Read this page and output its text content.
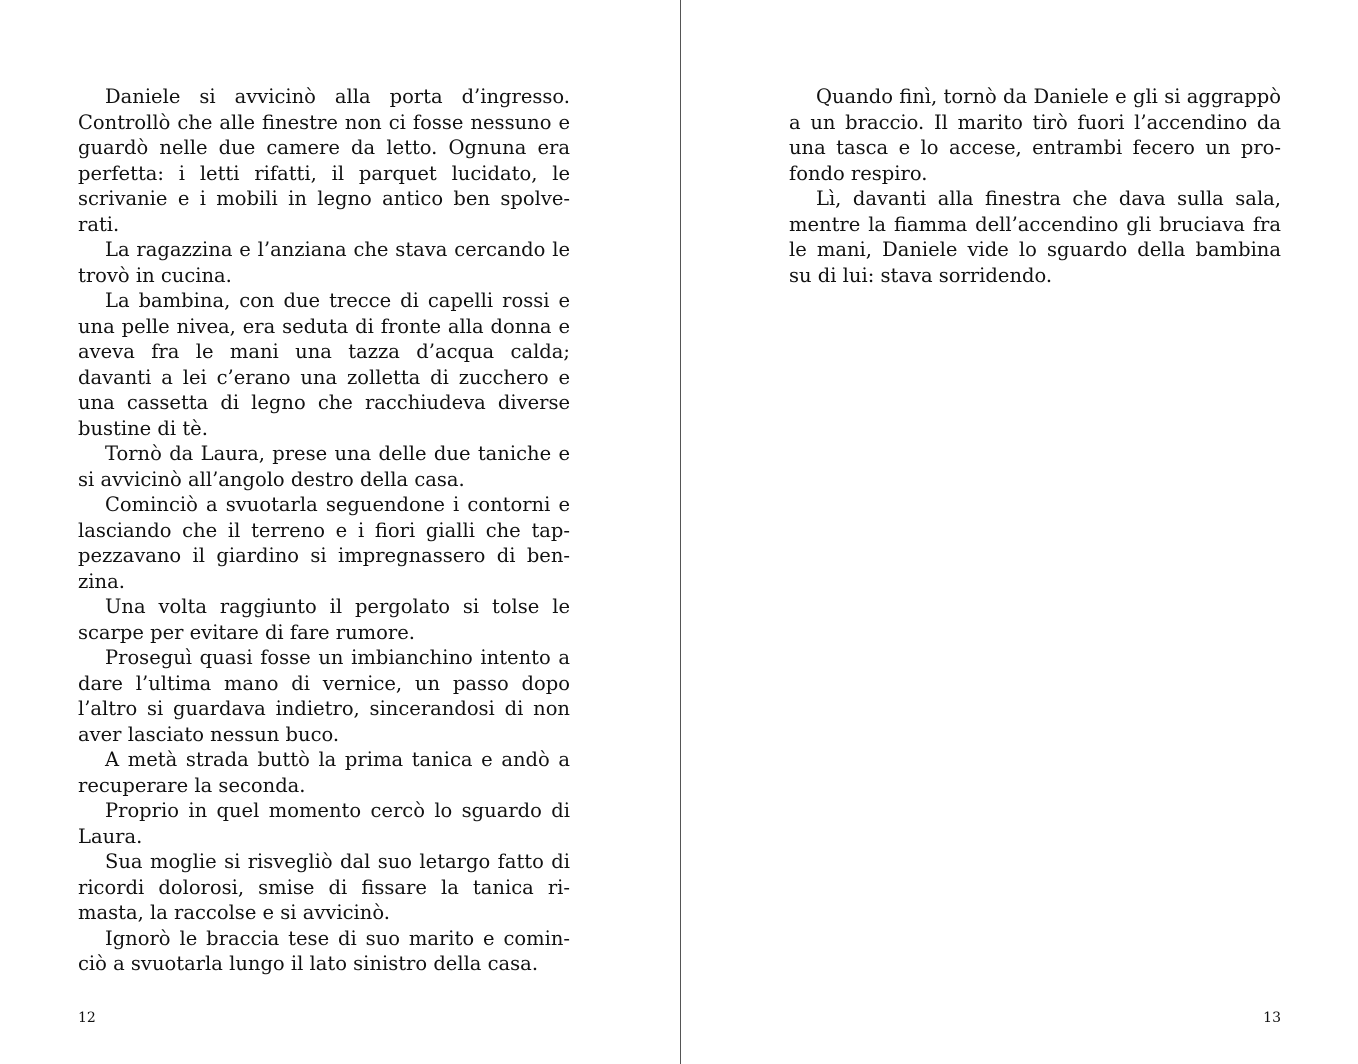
Daniele si avvicinò alla porta d’ingresso. Controllò che alle finestre non ci fosse nessuno e guardò nelle due camere da letto. Ognuna era perfetta: i letti rifatti, il parquet lucidato, le scrivanie e i mobili in legno antico ben spolverati.

La ragazzina e l’anziana che stava cercando le trovò in cucina.

La bambina, con due trecce di capelli rossi e una pelle nivea, era seduta di fronte alla donna e aveva fra le mani una tazza d’acqua calda; davanti a lei c’erano una zolletta di zucchero e una cassetta di legno che racchiudeva diverse bustine di tè.

Tornò da Laura, prese una delle due taniche e si avvicinò all’angolo destro della casa.

Cominciò a svuotarla seguendone i contorni e lasciando che il terreno e i fiori gialli che tappezzavano il giardino si impregnassero di benzina.

Una volta raggiunto il pergolato si tolse le scarpe per evitare di fare rumore.

Proseguì quasi fosse un imbianchino intento a dare l’ultima mano di vernice, un passo dopo l’altro si guardava indietro, sincerandosi di non aver lasciato nessun buco.

A metà strada buttò la prima tanica e andò a recuperare la seconda.

Proprio in quel momento cercò lo sguardo di Laura.

Sua moglie si risvegliò dal suo letargo fatto di ricordi dolorosi, smise di fissare la tanica rimasta, la raccolse e si avvicinò.

Ignorò le braccia tese di suo marito e cominciò a svuotarla lungo il lato sinistro della casa.

12

Quando finì, tornò da Daniele e gli si aggrappò a un braccio. Il marito tirò fuori l’accendino da una tasca e lo accese, entrambi fecero un profondo respiro.

Lì, davanti alla finestra che dava sulla sala, mentre la fiamma dell’accendino gli bruciava fra le mani, Daniele vide lo sguardo della bambina su di lui: stava sorridendo.

13
